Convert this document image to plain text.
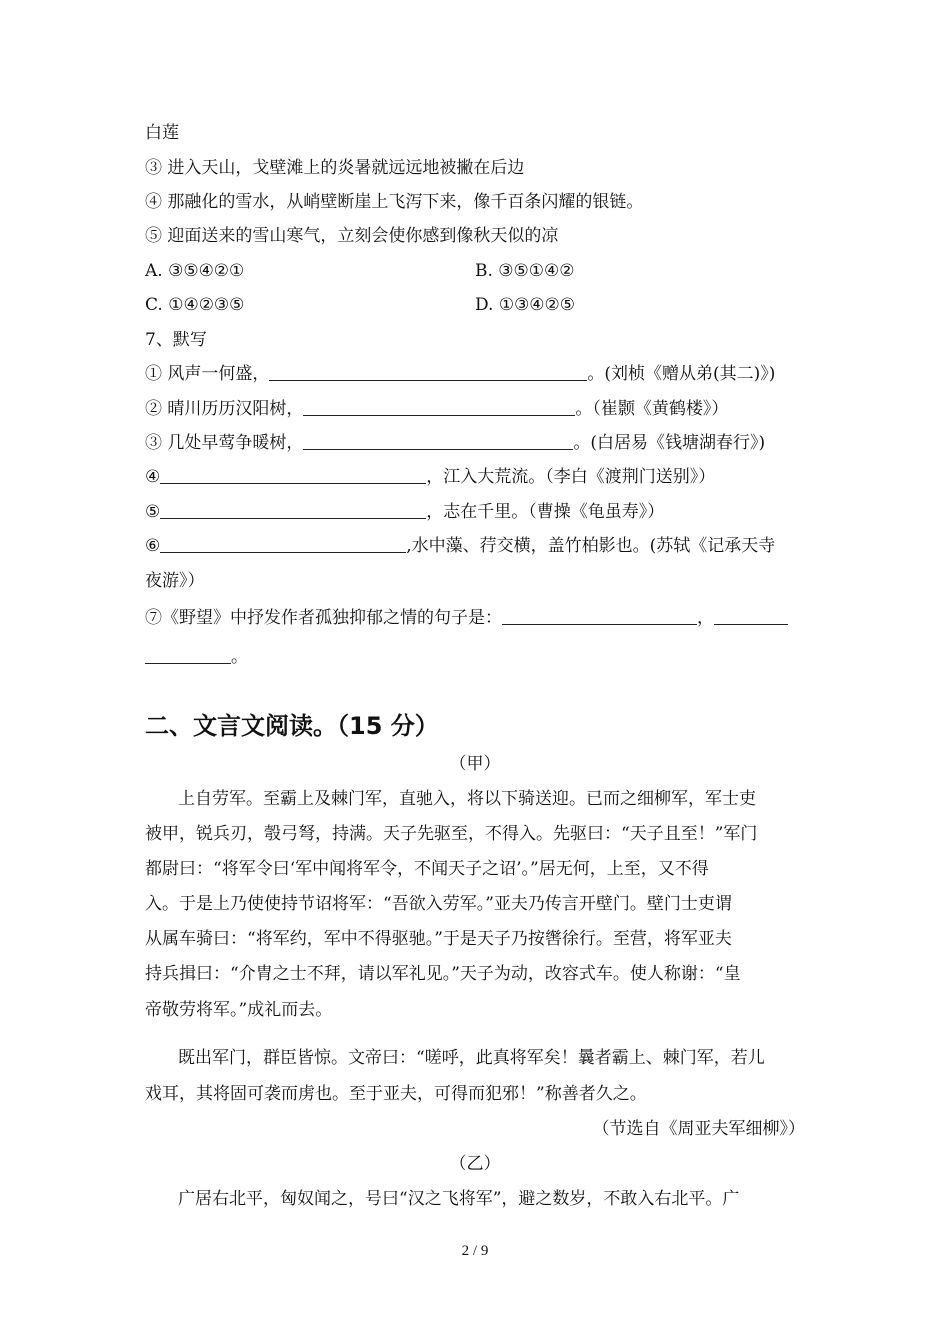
白莲
③ 进入天山，戈壁滩上的炎暑就远远地被撇在后边
④ 那融化的雪水，从峭壁断崖上飞泻下来，像千百条闪耀的银链。
⑤ 迎面送来的雪山寒气，立刻会使你感到像秋天似的凉
A. ③⑤④②①	B. ③⑤①④②
C. ①④②③⑤	D. ①③④②⑤
7、默写
① 风声一何盛，	。(刘桢《赠从弟(其二)》)
② 晴川历历汉阳树，	。（崔颢《黄鹤楼》）
③ 几处早莺争暖树，	。(白居易《钱塘湖春行》)
④	，江入大荒流。（李白《渡荆门送别》）
⑤	，志在千里。（曹操《龟虽寿》）
⑥	,水中藻、荇交横，盖竹柏影也。(苏轼《记承天寺
夜游》）
⑦《野望》中抒发作者孤独抑郁之情的句子是：	，
。
二、文言文阅读。（15 分）
（甲）
上自劳军。至霸上及棘门军，直驰入，将以下骑送迎。已而之细柳军，军士吏
被甲，锐兵刃，彀弓弩，持满。天子先驱至，不得入。先驱曰：“天子且至！”军门
都尉曰：“将军令曰‘军中闻将军令，不闻天子之诏’。”居无何，上至，又不得
入。于是上乃使使持节诏将军：“吾欲入劳军。”亚夫乃传言开壁门。壁门士吏谓
从属车骑曰：“将军约，军中不得驱驰。”于是天子乃按辔徐行。至营，将军亚夫
持兵揖曰：“介胄之士不拜，请以军礼见。”天子为动，改容式车。使人称谢：“皇
帝敬劳将军。”成礼而去。
既出军门，群臣皆惊。文帝曰：“嗟呼，此真将军矣！曩者霸上、棘门军，若儿
戏耳，其将固可袭而虏也。至于亚夫，可得而犯邪！”称善者久之。
（节选自《周亚夫军细柳》）
（乙）
广居右北平，匈奴闻之，号曰“汉之飞将军”，避之数岁，不敢入右北平。广
2 / 9
